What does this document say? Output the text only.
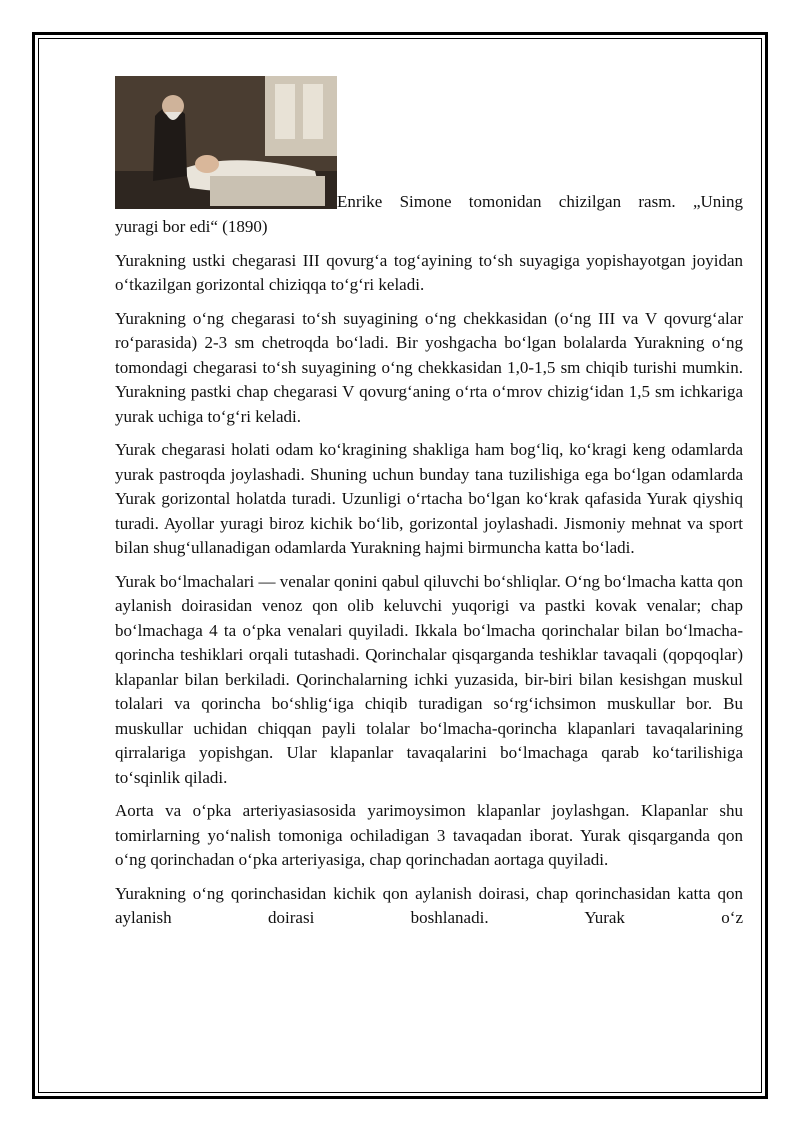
Enrike Simone tomonidan chizilgan rasm. „Uning
yuragi bor edi“ (1890)

Yurakning ustki chegarasi III qovurg‘a tog‘ayining to‘sh suyagiga yopishayotgan joyidan o‘tkazilgan gorizontal chiziqqa to‘g‘ri keladi.

Yurakning o‘ng chegarasi to‘sh suyagining o‘ng chekkasidan (o‘ng III va V qovurg‘alar ro‘parasida) 2-3 sm chetroqda bo‘ladi. Bir yoshgacha bo‘lgan bolalarda Yurakning o‘ng tomondagi chegarasi to‘sh suyagining o‘ng chekkasidan 1,0-1,5 sm chiqib turishi mumkin. Yurakning pastki chap chegarasi V qovurg‘aning o‘rta o‘mrov chizig‘idan 1,5 sm ichkariga yurak uchiga to‘g‘ri keladi.

Yurak chegarasi holati odam ko‘kragining shakliga ham bog‘liq, ko‘kragi keng odamlarda yurak pastroqda joylashadi. Shuning uchun bunday tana tuzilishiga ega bo‘lgan odamlarda Yurak gorizontal holatda turadi. Uzunligi o‘rtacha bo‘lgan ko‘krak qafasida Yurak qiyshiq turadi. Ayollar yuragi biroz kichik bo‘lib, gorizontal joylashadi. Jismoniy mehnat va sport bilan shug‘ullanadigan odamlarda Yurakning hajmi birmuncha katta bo‘ladi.

Yurak bo‘lmachalari — venalar qonini qabul qiluvchi bo‘shliqlar. O‘ng bo‘lmacha katta qon aylanish doirasidan venoz qon olib keluvchi yuqorigi va pastki kovak venalar; chap bo‘lmachaga 4 ta o‘pka venalari quyiladi. Ikkala bo‘lmacha qorinchalar bilan bo‘lmacha-qorincha teshiklari orqali tutashadi. Qorinchalar qisqarganda teshiklar tavaqali (qopqoqlar) klapanlar bilan berkiladi. Qorinchalarning ichki yuzasida, bir-biri bilan kesishgan muskul tolalari va qorincha bo‘shlig‘iga chiqib turadigan so‘rg‘ichsimon muskullar bor. Bu muskullar uchidan chiqqan payli tolalar bo‘lmacha-qorincha klapanlari tavaqalarining qirralariga yopishgan. Ular klapanlar tavaqalarini bo‘lmachaga qarab ko‘tarilishiga to‘sqinlik qiladi.

Aorta va o‘pka arteriyasiasosida yarimoysimon klapanlar joylashgan. Klapanlar shu tomirlarning yo‘nalish tomoniga ochiladigan 3 tavaqadan iborat. Yurak qisqarganda qon o‘ng qorinchadan o‘pka arteriyasiga, chap qorinchadan aortaga quyiladi.

Yurakning o‘ng qorinchasidan kichik qon aylanish doirasi, chap qorinchasidan katta qon aylanish doirasi boshlanadi. Yurak o‘z
